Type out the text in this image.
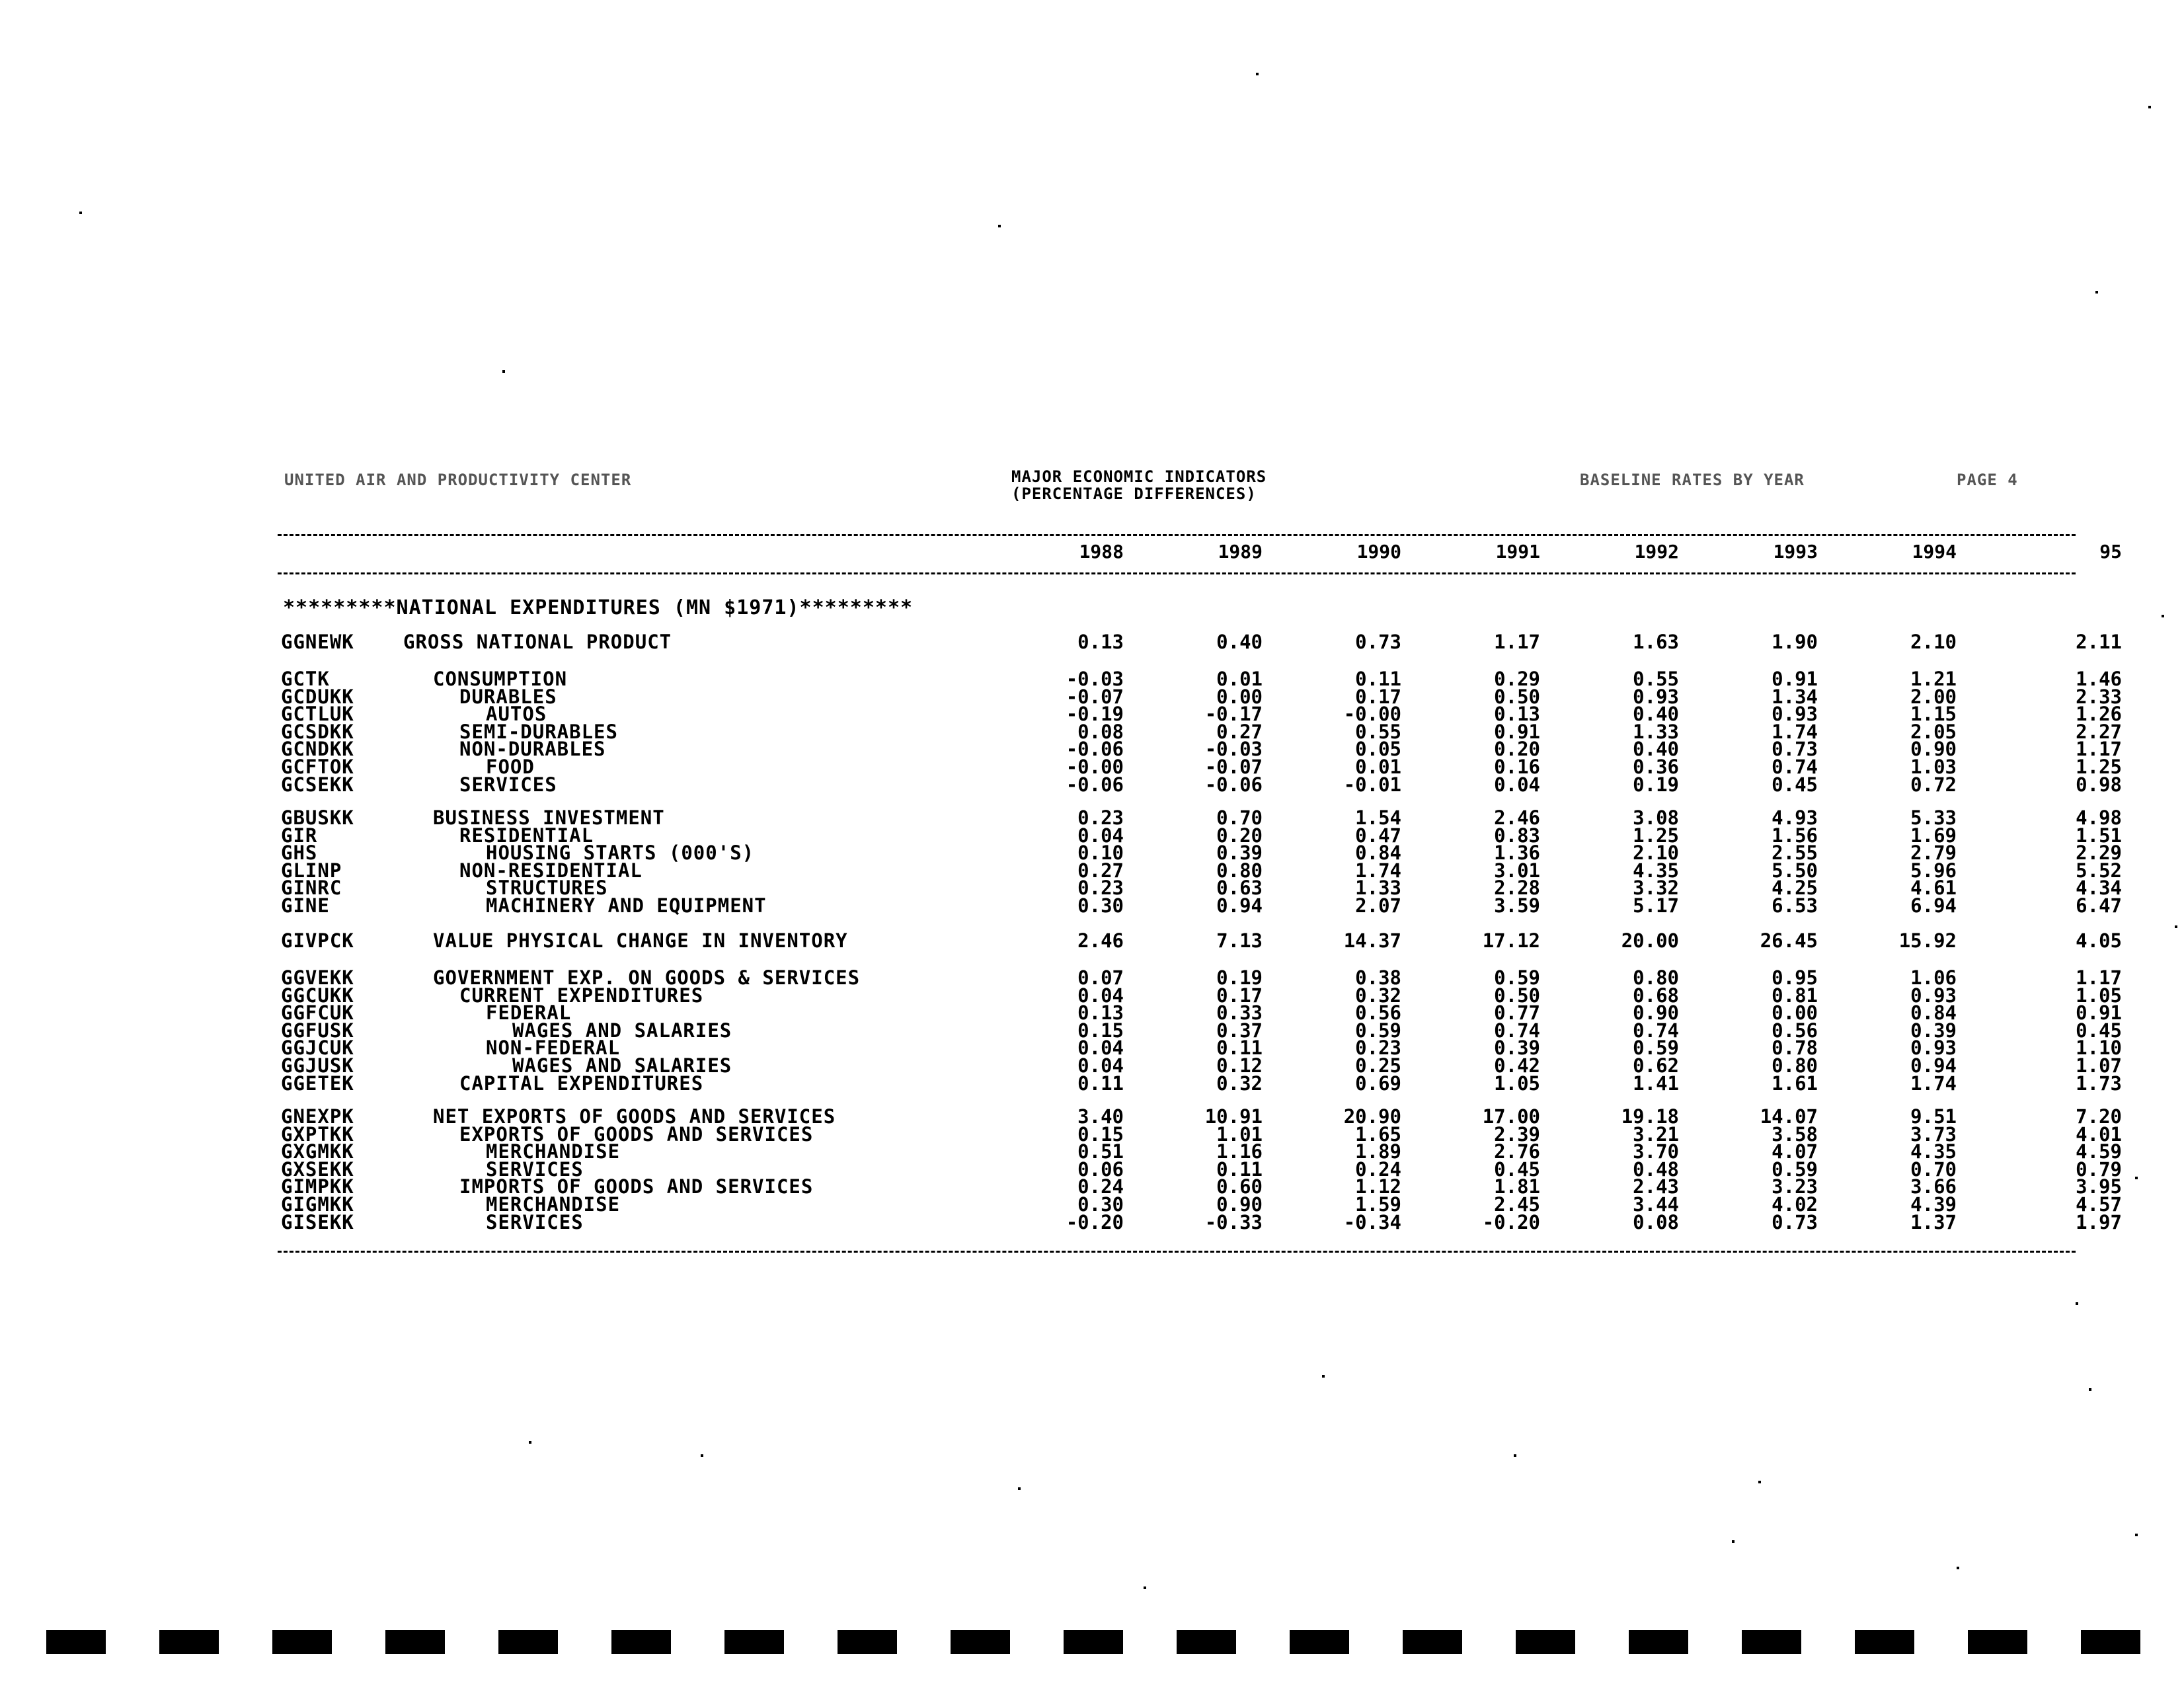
UNITED AIR AND PRODUCTIVITY CENTER	MAJOR ECONOMIC INDICATORS
(PERCENTAGE DIFFERENCES)
BASELINE RATES BY YEAR	PAGE 4
1988	1989	1990	1991	1992	1993	1994	95
*********NATIONAL EXPENDITURES (MN $1971)*********
GGNEWK	GROSS NATIONAL PRODUCT	0.13	0.40	0.73	1.17	1.63	1.90	2.10	2.11
GCTK	CONSUMPTION	-0.03	0.01	0.11	0.29	0.55	0.91	1.21	1.46
GCDUKK	DURABLES	-0.07	0.00	0.17	0.50	0.93	1.34	2.00	2.33
GCTLUK	AUTOS	-0.19	-0.17	-0.00	0.13	0.40	0.93	1.15	1.26
GCSDKK	SEMI-DURABLES	0.08	0.27	0.55	0.91	1.33	1.74	2.05	2.27
GCNDKK	NON-DURABLES	-0.06	-0.03	0.05	0.20	0.40	0.73	0.90	1.17
GCFTOK	FOOD	-0.00	-0.07	0.01	0.16	0.36	0.74	1.03	1.25
GCSEKK	SERVICES	-0.06	-0.06	-0.01	0.04	0.19	0.45	0.72	0.98
GBUSKK	BUSINESS INVESTMENT	0.23	0.70	1.54	2.46	3.08	4.93	5.33	4.98
GIR	RESIDENTIAL	0.04	0.20	0.47	0.83	1.25	1.56	1.69	1.51
GHS	HOUSING STARTS (000'S)	0.10	0.39	0.84	1.36	2.10	2.55	2.79	2.29
GLINP	NON-RESIDENTIAL	0.27	0.80	1.74	3.01	4.35	5.50	5.96	5.52
GINRC	STRUCTURES	0.23	0.63	1.33	2.28	3.32	4.25	4.61	4.34
GINE	MACHINERY AND EQUIPMENT	0.30	0.94	2.07	3.59	5.17	6.53	6.94	6.47
GIVPCK	VALUE PHYSICAL CHANGE IN INVENTORY	2.46	7.13	14.37	17.12	20.00	26.45	15.92	4.05
GGVEKK	GOVERNMENT EXP. ON GOODS & SERVICES	0.07	0.19	0.38	0.59	0.80	0.95	1.06	1.17
GGCUKK	CURRENT EXPENDITURES	0.04	0.17	0.32	0.50	0.68	0.81	0.93	1.05
GGFCUK	FEDERAL	0.13	0.33	0.56	0.77	0.90	0.00	0.84	0.91
GGFUSK	WAGES AND SALARIES	0.15	0.37	0.59	0.74	0.74	0.56	0.39	0.45
GGJCUK	NON-FEDERAL	0.04	0.11	0.23	0.39	0.59	0.78	0.93	1.10
GGJUSK	WAGES AND SALARIES	0.04	0.12	0.25	0.42	0.62	0.80	0.94	1.07
GGETEK	CAPITAL EXPENDITURES	0.11	0.32	0.69	1.05	1.41	1.61	1.74	1.73
GNEXPK	NET EXPORTS OF GOODS AND SERVICES	3.40	10.91	20.90	17.00	19.18	14.07	9.51	7.20
GXPTKK	EXPORTS OF GOODS AND SERVICES	0.15	1.01	1.65	2.39	3.21	3.58	3.73	4.01
GXGMKK	MERCHANDISE	0.51	1.16	1.89	2.76	3.70	4.07	4.35	4.59
GXSEKK	SERVICES	0.06	0.11	0.24	0.45	0.48	0.59	0.70	0.79
GIMPKK	IMPORTS OF GOODS AND SERVICES	0.24	0.60	1.12	1.81	2.43	3.23	3.66	3.95
GIGMKK	MERCHANDISE	0.30	0.90	1.59	2.45	3.44	4.02	4.39	4.57
GISEKK	SERVICES	-0.20	-0.33	-0.34	-0.20	0.08	0.73	1.37	1.97
